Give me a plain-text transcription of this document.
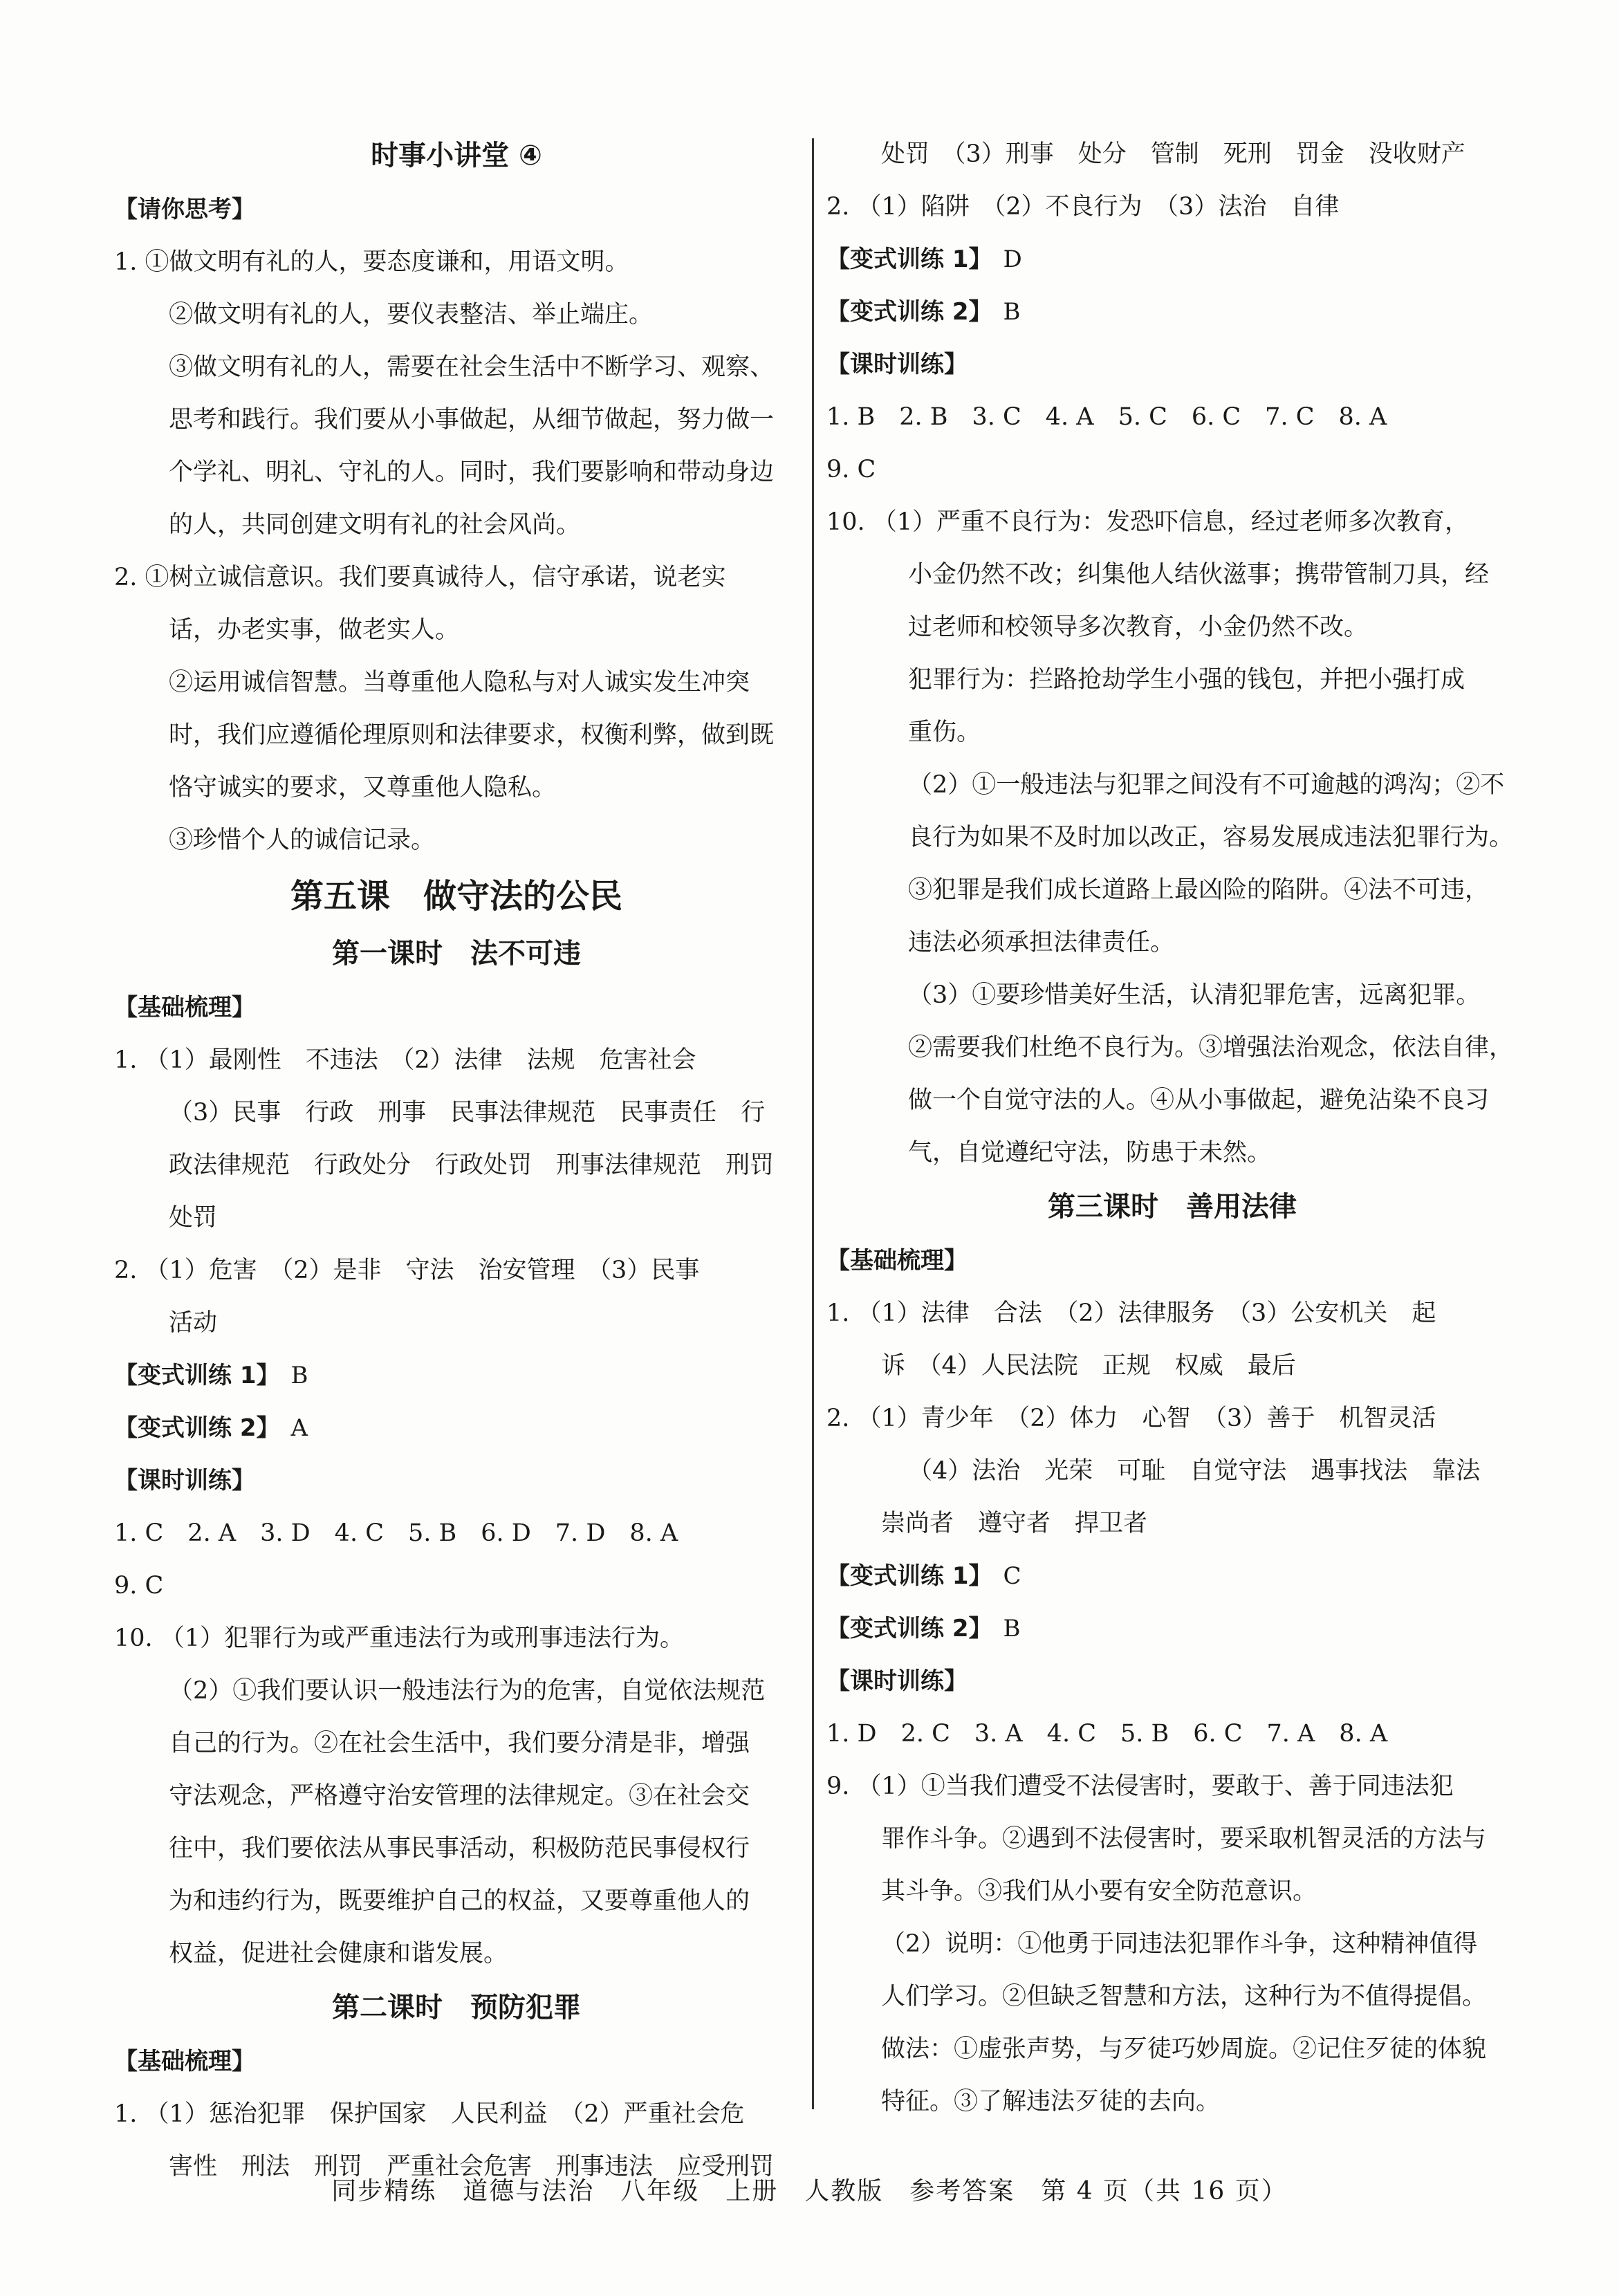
时事小讲堂 ④
【请你思考】
1. ①做文明有礼的人，要态度谦和，用语文明。
②做文明有礼的人，要仪表整洁、举止端庄。
③做文明有礼的人，需要在社会生活中不断学习、观察、
思考和践行。我们要从小事做起，从细节做起，努力做一
个学礼、明礼、守礼的人。同时，我们要影响和带动身边
的人，共同创建文明有礼的社会风尚。
2. ①树立诚信意识。我们要真诚待人，信守承诺，说老实
话，办老实事，做老实人。
②运用诚信智慧。当尊重他人隐私与对人诚实发生冲突
时，我们应遵循伦理原则和法律要求，权衡利弊，做到既
恪守诚实的要求，又尊重他人隐私。
③珍惜个人的诚信记录。
第五课　做守法的公民
第一课时　法不可违
【基础梳理】
1. （1）最刚性　不违法　（2）法律　法规　危害社会
（3）民事　行政　刑事　民事法律规范　民事责任　行
政法律规范　行政处分　行政处罚　刑事法律规范　刑罚
处罚
2. （1）危害　（2）是非　守法　治安管理　（3）民事
活动
【变式训练 1】 B
【变式训练 2】 A
【课时训练】
1. C　2. A　3. D　4. C　5. B　6. D　7. D　8. A
9. C
10. （1）犯罪行为或严重违法行为或刑事违法行为。
（2）①我们要认识一般违法行为的危害，自觉依法规范
自己的行为。②在社会生活中，我们要分清是非，增强
守法观念，严格遵守治安管理的法律规定。③在社会交
往中，我们要依法从事民事活动，积极防范民事侵权行
为和违约行为，既要维护自己的权益，又要尊重他人的
权益，促进社会健康和谐发展。
第二课时　预防犯罪
【基础梳理】
1. （1）惩治犯罪　保护国家　人民利益　（2）严重社会危
害性　刑法　刑罚　严重社会危害　刑事违法　应受刑罚
处罚　（3）刑事　处分　管制　死刑　罚金　没收财产
2. （1）陷阱　（2）不良行为　（3）法治　自律
【变式训练 1】 D
【变式训练 2】 B
【课时训练】
1. B　2. B　3. C　4. A　5. C　6. C　7. C　8. A
9. C
10. （1）严重不良行为：发恐吓信息，经过老师多次教育，
小金仍然不改；纠集他人结伙滋事；携带管制刀具，经
过老师和校领导多次教育，小金仍然不改。
犯罪行为：拦路抢劫学生小强的钱包，并把小强打成
重伤。
（2）①一般违法与犯罪之间没有不可逾越的鸿沟；②不
良行为如果不及时加以改正，容易发展成违法犯罪行为。
③犯罪是我们成长道路上最凶险的陷阱。④法不可违，
违法必须承担法律责任。
（3）①要珍惜美好生活，认清犯罪危害，远离犯罪。
②需要我们杜绝不良行为。③增强法治观念，依法自律，
做一个自觉守法的人。④从小事做起，避免沾染不良习
气，自觉遵纪守法，防患于未然。
第三课时　善用法律
【基础梳理】
1. （1）法律　合法　（2）法律服务　（3）公安机关　起
诉　（4）人民法院　正规　权威　最后
2. （1）青少年　（2）体力　心智　（3）善于　机智灵活
（4）法治　光荣　可耻　自觉守法　遇事找法　靠法
崇尚者　遵守者　捍卫者
【变式训练 1】 C
【变式训练 2】 B
【课时训练】
1. D　2. C　3. A　4. C　5. B　6. C　7. A　8. A
9. （1）①当我们遭受不法侵害时，要敢于、善于同违法犯
罪作斗争。②遇到不法侵害时，要采取机智灵活的方法与
其斗争。③我们从小要有安全防范意识。
（2）说明：①他勇于同违法犯罪作斗争，这种精神值得
人们学习。②但缺乏智慧和方法，这种行为不值得提倡。
做法：①虚张声势，与歹徒巧妙周旋。②记住歹徒的体貌
特征。③了解违法歹徒的去向。
同步精练　道德与法治　八年级　上册　人教版　参考答案　第 4 页（共 16 页）
